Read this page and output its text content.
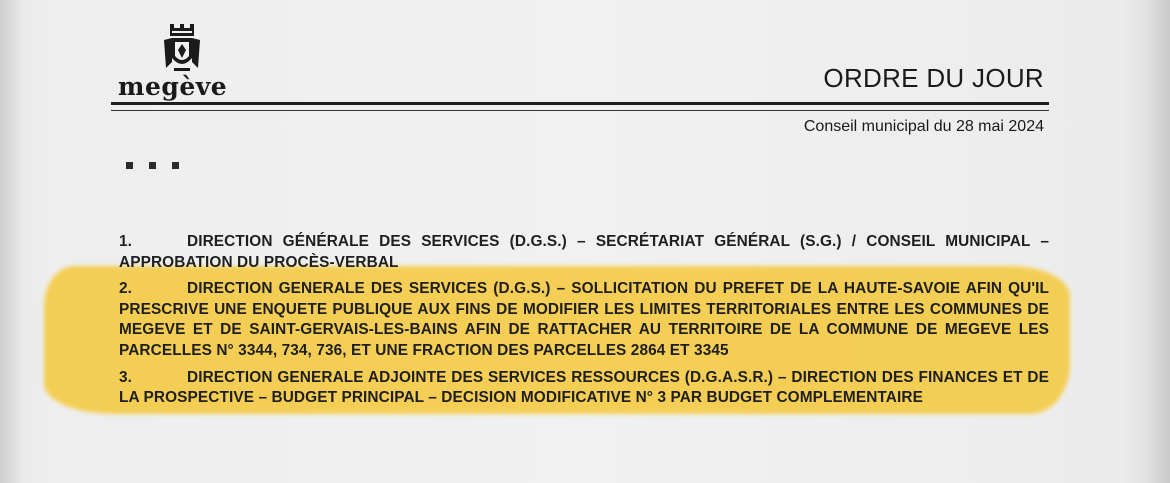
megève	ORDRE DU JOUR
Conseil municipal du 28 mai 2024
1.	DIRECTION GÉNÉRALE DES SERVICES (D.G.S.) – SECRÉTARIAT GÉNÉRAL (S.G.) / CONSEIL MUNICIPAL – APPROBATION DU PROCÈS-VERBAL
2.	DIRECTION GENERALE DES SERVICES (D.G.S.) – SOLLICITATION DU PREFET DE LA HAUTE-SAVOIE AFIN QU'IL PRESCRIVE UNE ENQUETE PUBLIQUE AUX FINS DE MODIFIER LES LIMITES TERRITORIALES ENTRE LES COMMUNES DE MEGEVE ET DE SAINT-GERVAIS-LES-BAINS AFIN DE RATTACHER AU TERRITOIRE DE LA COMMUNE DE MEGEVE LES PARCELLES N° 3344, 734, 736, ET UNE FRACTION DES PARCELLES 2864 ET 3345
3.	DIRECTION GENERALE ADJOINTE DES SERVICES RESSOURCES (D.G.A.S.R.) – DIRECTION DES FINANCES ET DE LA PROSPECTIVE – BUDGET PRINCIPAL – DECISION MODIFICATIVE N° 3 PAR BUDGET COMPLEMENTAIRE
